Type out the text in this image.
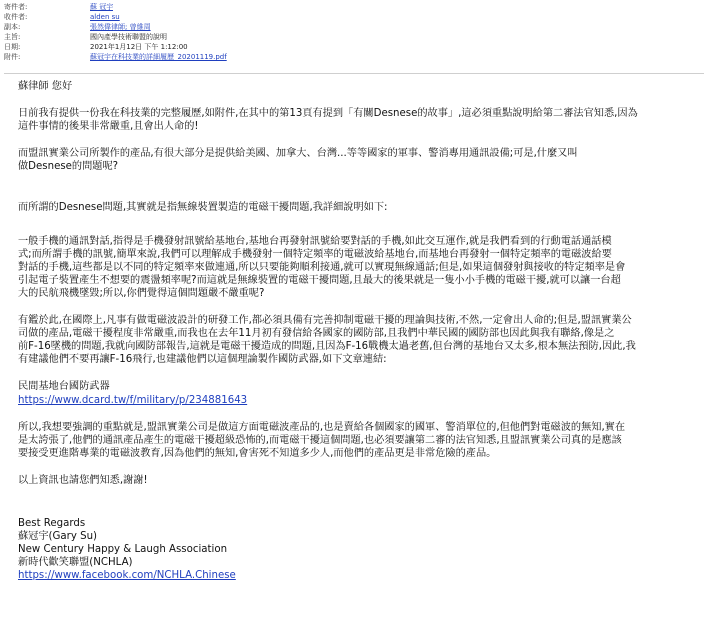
寄件者:	蘇 冠宇
收件者:	alden su
副本:	張然偉律師; 曾維周
主旨:	國內產學技術聯盟的說明
日期:	2021年1月12日 下午 1:12:00
附件:	蘇冠宇在科技業的詳細履歷_20201119.pdf

蘇律師 您好

日前我有提供一份我在科技業的完整履歷,如附件,在其中的第13頁有提到「有關Desnese的故事」,這必須重點說明給第二審法官知悉,因為

這件事情的後果非常嚴重,且會出人命的!

而盟訊實業公司所製作的產品,有很大部分是提供給美國、加拿大、台灣...等等國家的軍事、警消專用通訊設備;可是,什麼又叫

做Desnese的問題呢?

而所謂的Desnese問題,其實就是指無線裝置製造的電磁干擾問題,我詳細說明如下:

一般手機的通訊對話,指得是手機發射訊號給基地台,基地台再發射訊號給要對話的手機,如此交互運作,就是我們看到的行動電話通話模

式;而所謂手機的訊號,簡單來說,我們可以理解成手機發射一個特定頻率的電磁波給基地台,而基地台再發射一個特定頻率的電磁波給要

對話的手機,這些都是以不同的特定頻率來做連通,所以只要能夠順利接通,就可以實現無線通話;但是,如果這個發射與接收的特定頻率是會

引起電子裝置產生不想要的震盪頻率呢?而這就是無線裝置的電磁干擾問題,且最大的後果就是一隻小小手機的電磁干擾,就可以讓一台超

大的民航飛機墜毀;所以,你們覺得這個問題嚴不嚴重呢?

有鑑於此,在國際上,凡事有做電磁波設計的研發工作,都必須具備有完善抑制電磁干擾的理論與技術,不然,一定會出人命的;但是,盟訊實業公

司做的產品,電磁干擾程度非常嚴重,而我也在去年11月初有發信給各國家的國防部,且我們中華民國的國防部也因此與我有聯絡,像是之

前F-16墜機的問題,我就向國防部報告,這就是電磁干擾造成的問題,且因為F-16戰機太過老舊,但台灣的基地台又太多,根本無法預防,因此,我

有建議他們不要再讓F-16飛行,也建議他們以這個理論製作國防武器,如下文章連結:

民間基地台國防武器

https://www.dcard.tw/f/military/p/234881643

所以,我想要強調的重點就是,盟訊實業公司是做這方面電磁波產品的,也是賣給各個國家的國軍、警消單位的,但他們對電磁波的無知,實在

是太誇張了,他們的通訊產品產生的電磁干擾超級恐怖的,而電磁干擾這個問題,也必須要讓第二審的法官知悉,且盟訊實業公司真的是應該

要接受更進階專業的電磁波教育,因為他們的無知,會害死不知道多少人,而他們的產品更是非常危險的產品。

以上資訊也請您們知悉,謝謝!

Best Regards

蘇冠宇(Gary Su)

New Century Happy & Laugh Association

新時代歡笑聯盟(NCHLA)

https://www.facebook.com/NCHLA.Chinese
